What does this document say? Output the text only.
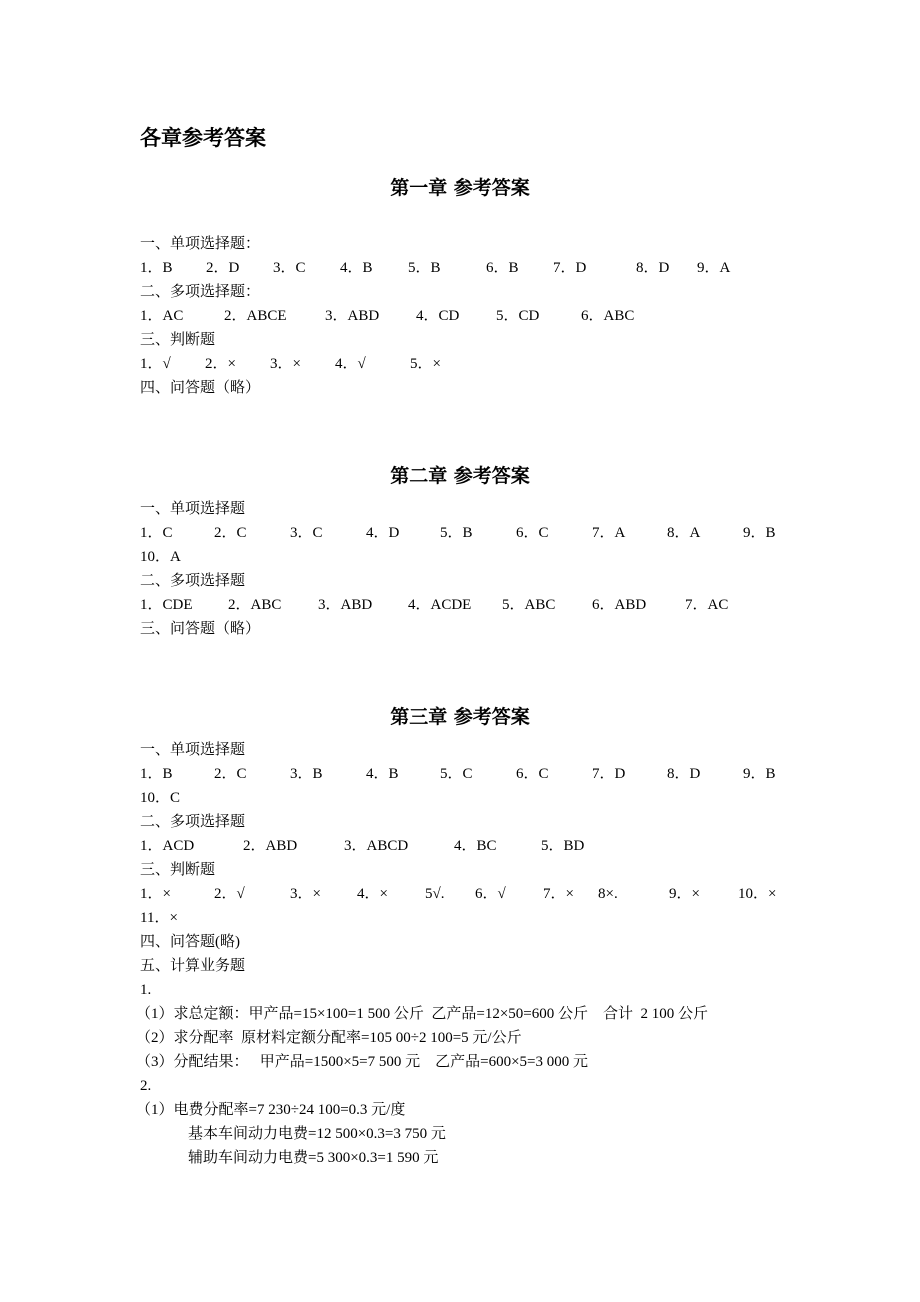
各章参考答案
第一章 参考答案
一、单项选择题：
1．B 2．D 3．C 4．B 5．B	6．B 7．D	8．D 9．A
二、多项选择题：
1．AC	2．ABCE	3．ABD 4．CD 5．CD	6．ABC
三、判断题
1．√ 2．× 3．× 4．√	5．×
四、问答题（略）
第二章 参考答案
一、单项选择题
1．C	2．C	3．C	4．D	5．B	6．C	7．A	8．A	9．B
10．A
二、多项选择题
1．CDE 2．ABC 3．ABD 4．ACDE 5．ABC 6．ABD	7．AC
三、问答题（略）
第三章 参考答案
一、单项选择题
1．B	2．C	3．B	4．B	5．C	6．C	7．D	8．D	9．B
10．C
二、多项选择题
1．ACD	2．ABD	3．ABCD	4．BC	5．BD
三、判断题
1．×	2．√	3．× 4．× 5√. 6．√ 7．× 8×.	9．×	10．×
11．×
四、问答题(略)
五、计算业务题
1.
（1）求总定额：甲产品=15×100=1 500 公斤  乙产品=12×50=600 公斤    合计  2 100 公斤
（2）求分配率  原材料定额分配率=105 00÷2 100=5 元/公斤
（3）分配结果：   甲产品=1500×5=7 500 元    乙产品=600×5=3 000 元
2.
（1）电费分配率=7 230÷24 100=0.3 元/度
基本车间动力电费=12 500×0.3=3 750 元
辅助车间动力电费=5 300×0.3=1 590 元
